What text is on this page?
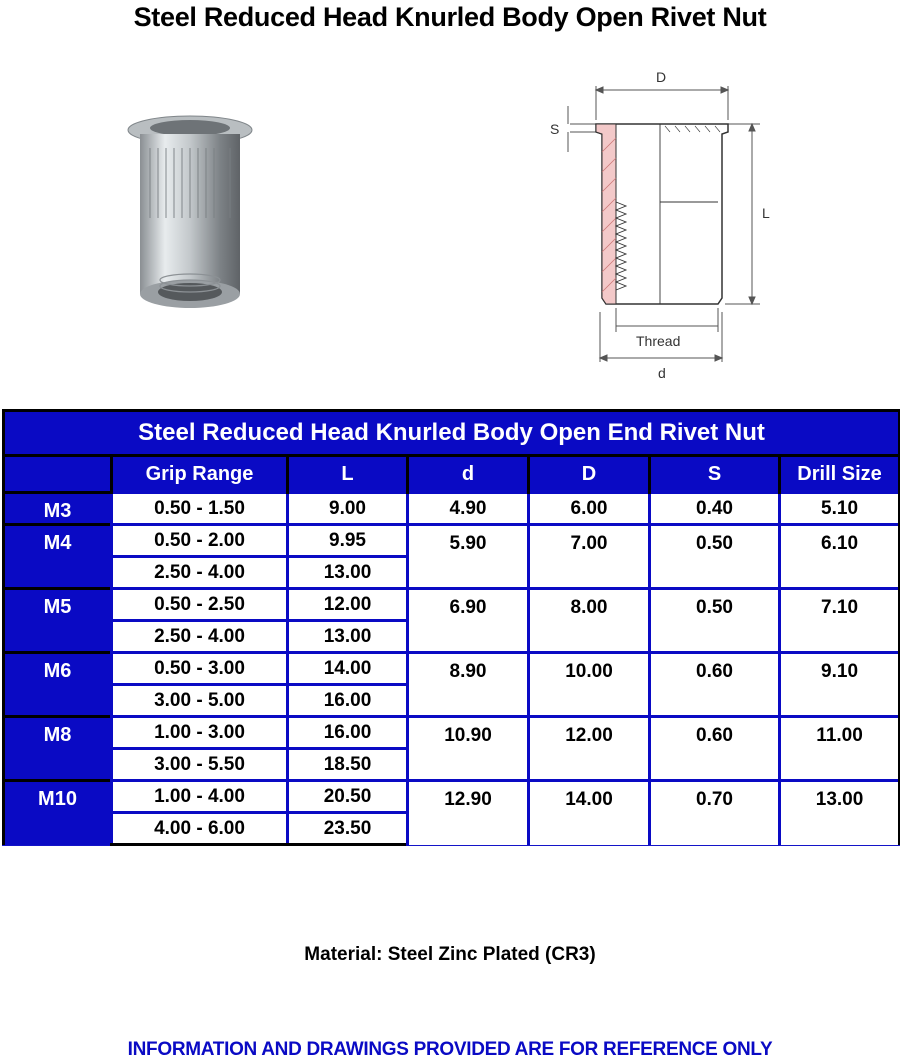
Steel Reduced Head Knurled Body Open Rivet Nut
D
S
L
Thread
d
Steel Reduced Head Knurled Body Open End Rivet Nut						
	Grip Range	L	d	D	S	Drill Size
M3	0.50 - 1.50	9.00	4.90	6.00	0.40	5.10
M4	0.50 - 2.00	9.95	5.90	7.00	0.50	6.10
	2.50 - 4.00	13.00				
M5	0.50 - 2.50	12.00	6.90	8.00	0.50	7.10
	2.50 - 4.00	13.00				
M6	0.50 - 3.00	14.00	8.90	10.00	0.60	9.10
	3.00 - 5.00	16.00				
M8	1.00 - 3.00	16.00	10.90	12.00	0.60	11.00
	3.00 - 5.50	18.50				
M10	1.00 - 4.00	20.50	12.90	14.00	0.70	13.00
	4.00 - 6.00	23.50				
Material: Steel Zinc Plated (CR3)
INFORMATION AND DRAWINGS PROVIDED ARE FOR REFERENCE ONLY
